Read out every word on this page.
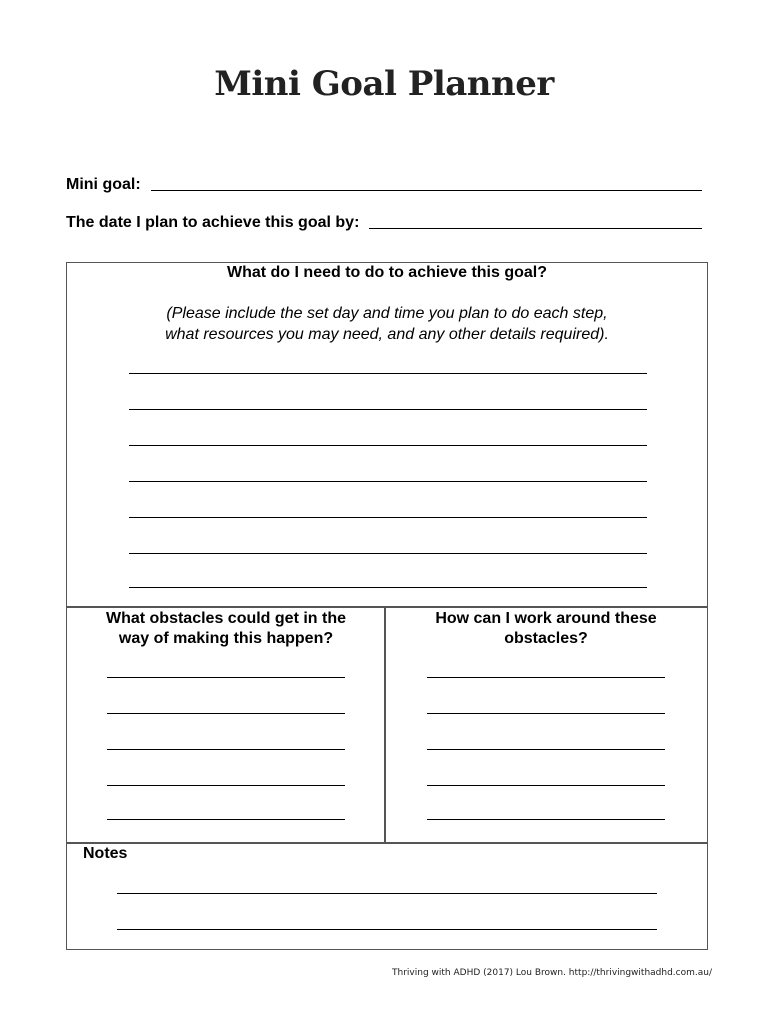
Mini Goal Planner
Mini goal:
The date I plan to achieve this goal by:
What do I need to do to achieve this goal?
(Please include the set day and time you plan to do each step,
what resources you may need, and any other details required).
What obstacles could get in the
way of making this happen?
How can I work around these
obstacles?
Notes
Thriving with ADHD (2017) Lou Brown. http://thrivingwithadhd.com.au/
